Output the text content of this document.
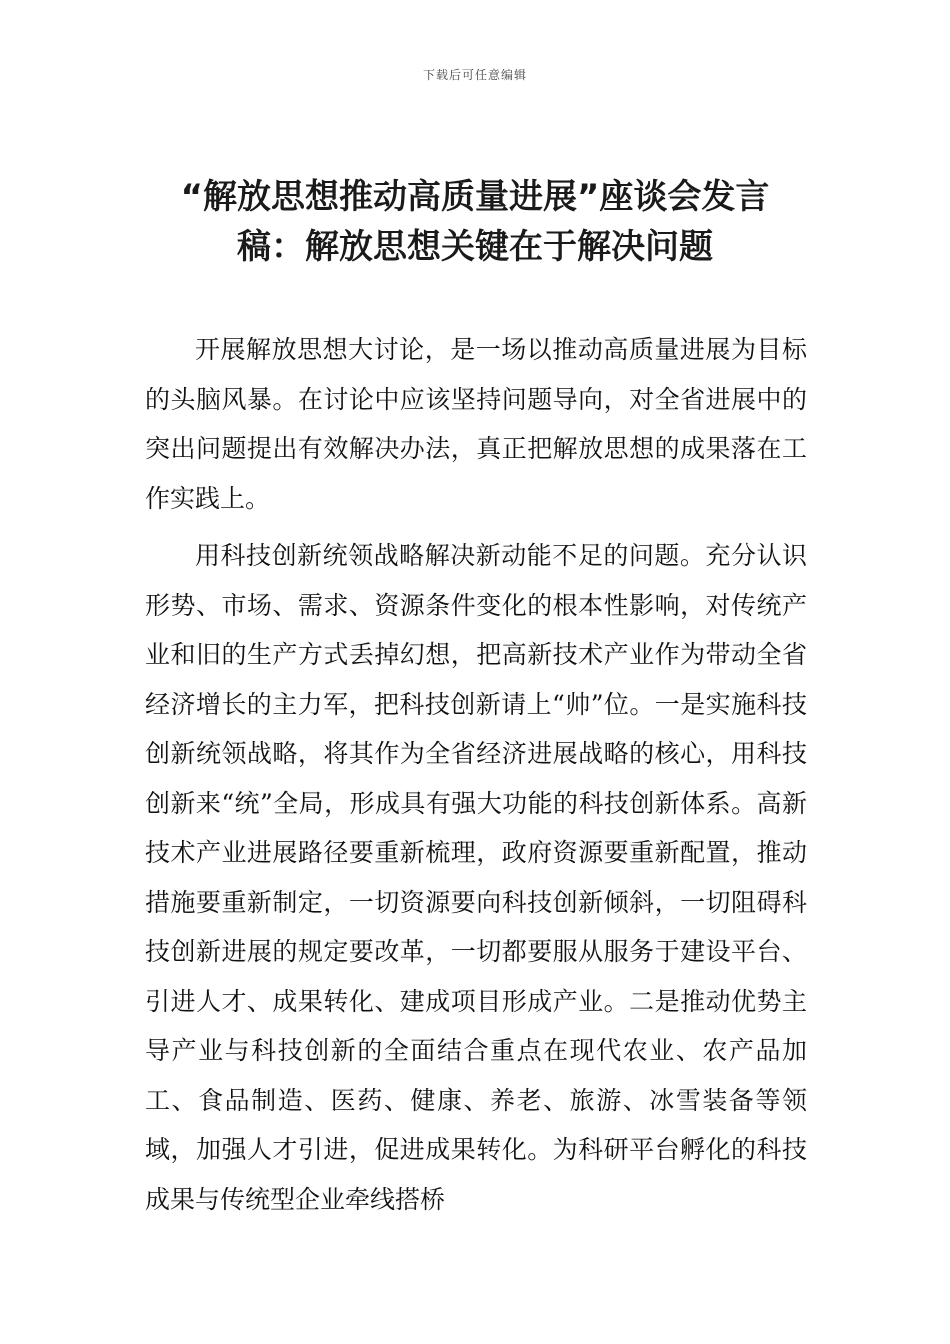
下载后可任意编辑
“解放思想推动高质量进展”座谈会发言
稿：解放思想关键在于解决问题

开展解放思想大讨论，是一场以推动高质量进展为目标的头脑风暴。在讨论中应该坚持问题导向，对全省进展中的突出问题提出有效解决办法，真正把解放思想的成果落在工作实践上。

用科技创新统领战略解决新动能不足的问题。充分认识形势、市场、需求、资源条件变化的根本性影响，对传统产业和旧的生产方式丢掉幻想，把高新技术产业作为带动全省经济增长的主力军，把科技创新请上“帅”位。一是实施科技创新统领战略，将其作为全省经济进展战略的核心，用科技创新来“统”全局，形成具有强大功能的科技创新体系。高新技术产业进展路径要重新梳理，政府资源要重新配置，推动措施要重新制定，一切资源要向科技创新倾斜，一切阻碍科技创新进展的规定要改革，一切都要服从服务于建设平台、引进人才、成果转化、建成项目形成产业。二是推动优势主导产业与科技创新的全面结合重点在现代农业、农产品加工、食品制造、医药、健康、养老、旅游、冰雪装备等领域，加强人才引进，促进成果转化。为科研平台孵化的科技成果与传统型企业牵线搭桥
